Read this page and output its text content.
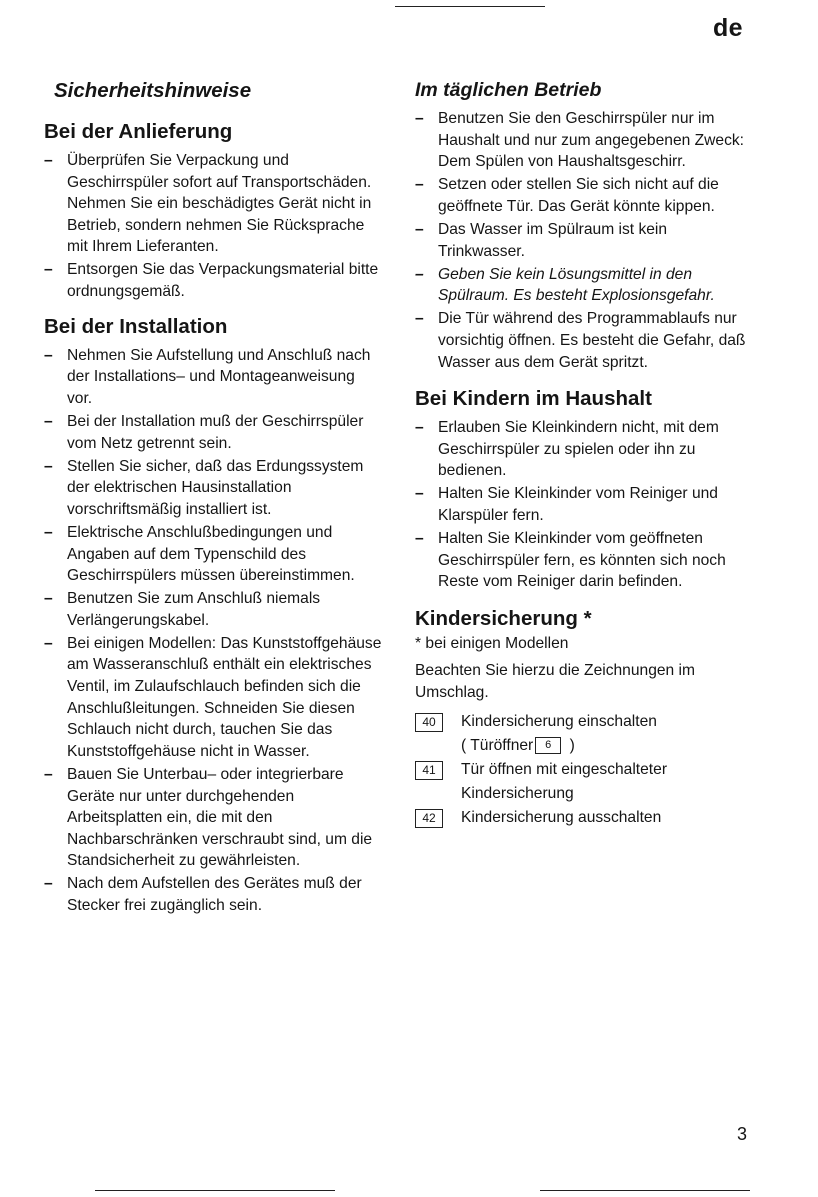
de
Sicherheitshinweise
Bei der Anlieferung
– Überprüfen Sie Verpackung und Geschirrspüler sofort auf Transportschäden. Nehmen Sie ein beschädigtes Gerät nicht in Betrieb, sondern nehmen Sie Rücksprache mit Ihrem Lieferanten.
– Entsorgen Sie das Verpackungsmaterial bitte ordnungsgemäß.
Bei der Installation
– Nehmen Sie Aufstellung und Anschluß nach der Installations– und Montageanweisung vor.
– Bei der Installation muß der Geschirrspüler vom Netz getrennt sein.
– Stellen Sie sicher, daß das Erdungssystem der elektrischen Hausinstallation vorschriftsmäßig installiert ist.
– Elektrische Anschlußbedingungen und Angaben auf dem Typenschild des Geschirrspülers müssen übereinstimmen.
– Benutzen Sie zum Anschluß niemals Verlängerungskabel.
– Bei einigen Modellen: Das Kunststoffgehäuse am Wasseranschluß enthält ein elektrisches Ventil, im Zulaufschlauch befinden sich die Anschlußleitungen. Schneiden Sie diesen Schlauch nicht durch, tauchen Sie das Kunststoffgehäuse nicht in Wasser.
– Bauen Sie Unterbau– oder integrierbare Geräte nur unter durchgehenden Arbeitsplatten ein, die mit den Nachbarschränken verschraubt sind, um die Standsicherheit zu gewährleisten.
– Nach dem Aufstellen des Gerätes muß der Stecker frei zugänglich sein.
Im täglichen Betrieb
– Benutzen Sie den Geschirrspüler nur im Haushalt und nur zum angegebenen Zweck: Dem Spülen von Haushaltsgeschirr.
– Setzen oder stellen Sie sich nicht auf die geöffnete Tür. Das Gerät könnte kippen.
– Das Wasser im Spülraum ist kein Trinkwasser.
– Geben Sie kein Lösungsmittel in den Spülraum. Es besteht Explosionsgefahr.
– Die Tür während des Programmablaufs nur vorsichtig öffnen. Es besteht die Gefahr, daß Wasser aus dem Gerät spritzt.
Bei Kindern im Haushalt
– Erlauben Sie Kleinkindern nicht, mit dem Geschirrspüler zu spielen oder ihn zu bedienen.
– Halten Sie Kleinkinder vom Reiniger und Klarspüler fern.
– Halten Sie Kleinkinder vom geöffneten Geschirrspüler fern, es könnten sich noch Reste vom Reiniger darin befinden.
Kindersicherung *

* bei einigen Modellen

Beachten Sie hierzu die Zeichnungen im Umschlag.

40	Kindersicherung einschalten
( Türöffner 6 )
41	Tür öffnen mit eingeschalteter
Kindersicherung
42	Kindersicherung ausschalten
3
